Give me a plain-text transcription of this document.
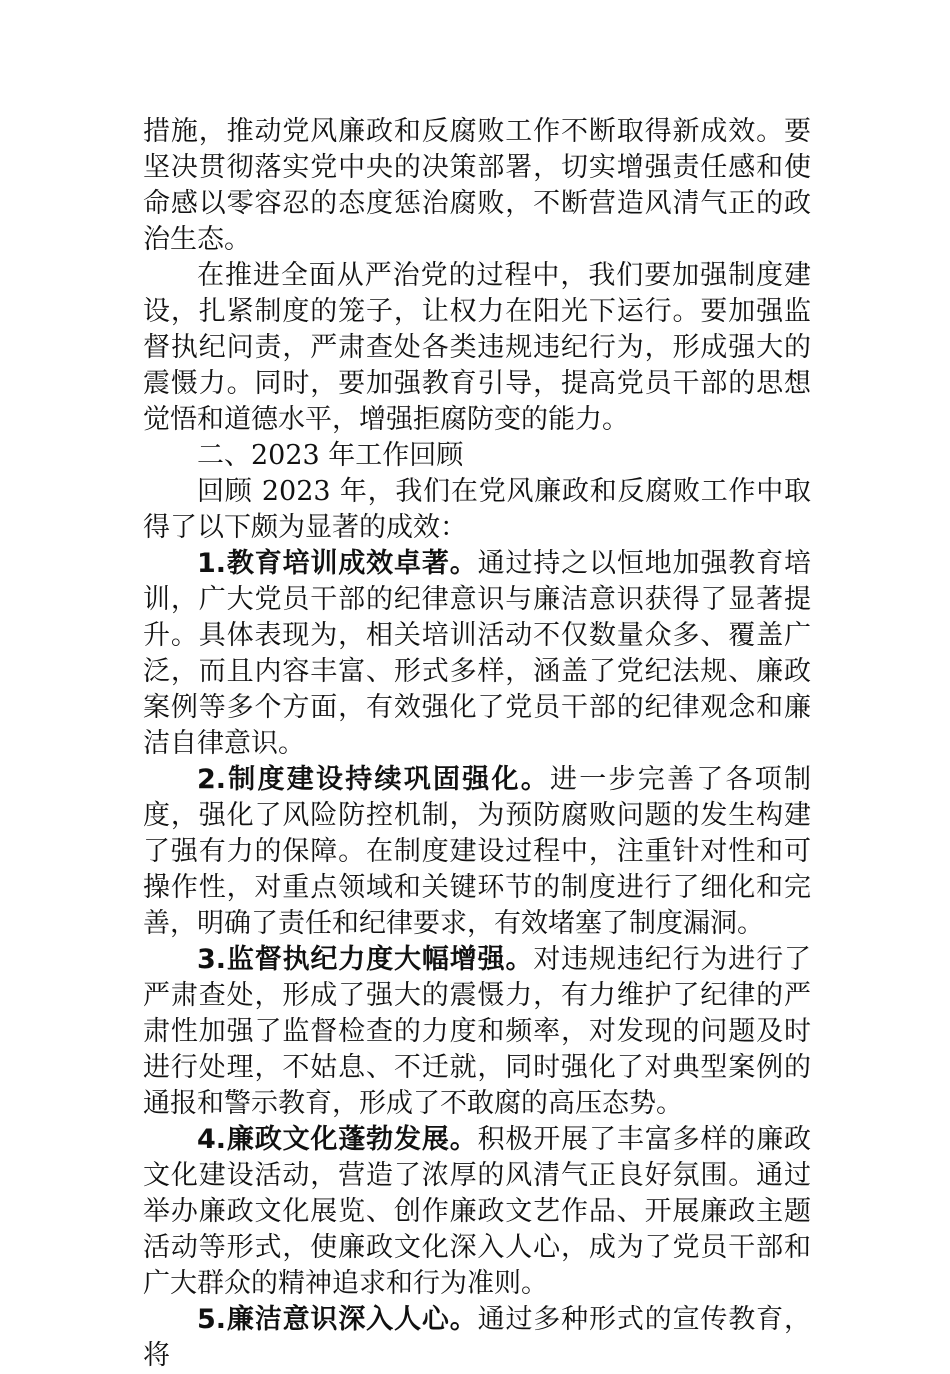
措施，推动党风廉政和反腐败工作不断取得新成效。要坚决贯彻落实党中央的决策部署，切实增强责任感和使命感以零容忍的态度惩治腐败，不断营造风清气正的政治生态。

在推进全面从严治党的过程中，我们要加强制度建设，扎紧制度的笼子，让权力在阳光下运行。要加强监督执纪问责，严肃查处各类违规违纪行为，形成强大的震慑力。同时，要加强教育引导，提高党员干部的思想觉悟和道德水平，增强拒腐防变的能力。

二、2023 年工作回顾

回顾 2023 年，我们在党风廉政和反腐败工作中取得了以下颇为显著的成效：

1.教育培训成效卓著。通过持之以恒地加强教育培训，广大党员干部的纪律意识与廉洁意识获得了显著提升。具体表现为，相关培训活动不仅数量众多、覆盖广泛，而且内容丰富、形式多样，涵盖了党纪法规、廉政案例等多个方面，有效强化了党员干部的纪律观念和廉洁自律意识。

2.制度建设持续巩固强化。进一步完善了各项制度，强化了风险防控机制，为预防腐败问题的发生构建了强有力的保障。在制度建设过程中，注重针对性和可操作性，对重点领域和关键环节的制度进行了细化和完善，明确了责任和纪律要求，有效堵塞了制度漏洞。

3.监督执纪力度大幅增强。对违规违纪行为进行了严肃查处，形成了强大的震慑力，有力维护了纪律的严肃性加强了监督检查的力度和频率，对发现的问题及时进行处理，不姑息、不迁就，同时强化了对典型案例的通报和警示教育，形成了不敢腐的高压态势。

4.廉政文化蓬勃发展。积极开展了丰富多样的廉政文化建设活动，营造了浓厚的风清气正良好氛围。通过举办廉政文化展览、创作廉政文艺作品、开展廉政主题活动等形式，使廉政文化深入人心，成为了党员干部和广大群众的精神追求和行为准则。

5.廉洁意识深入人心。通过多种形式的宣传教育，将
